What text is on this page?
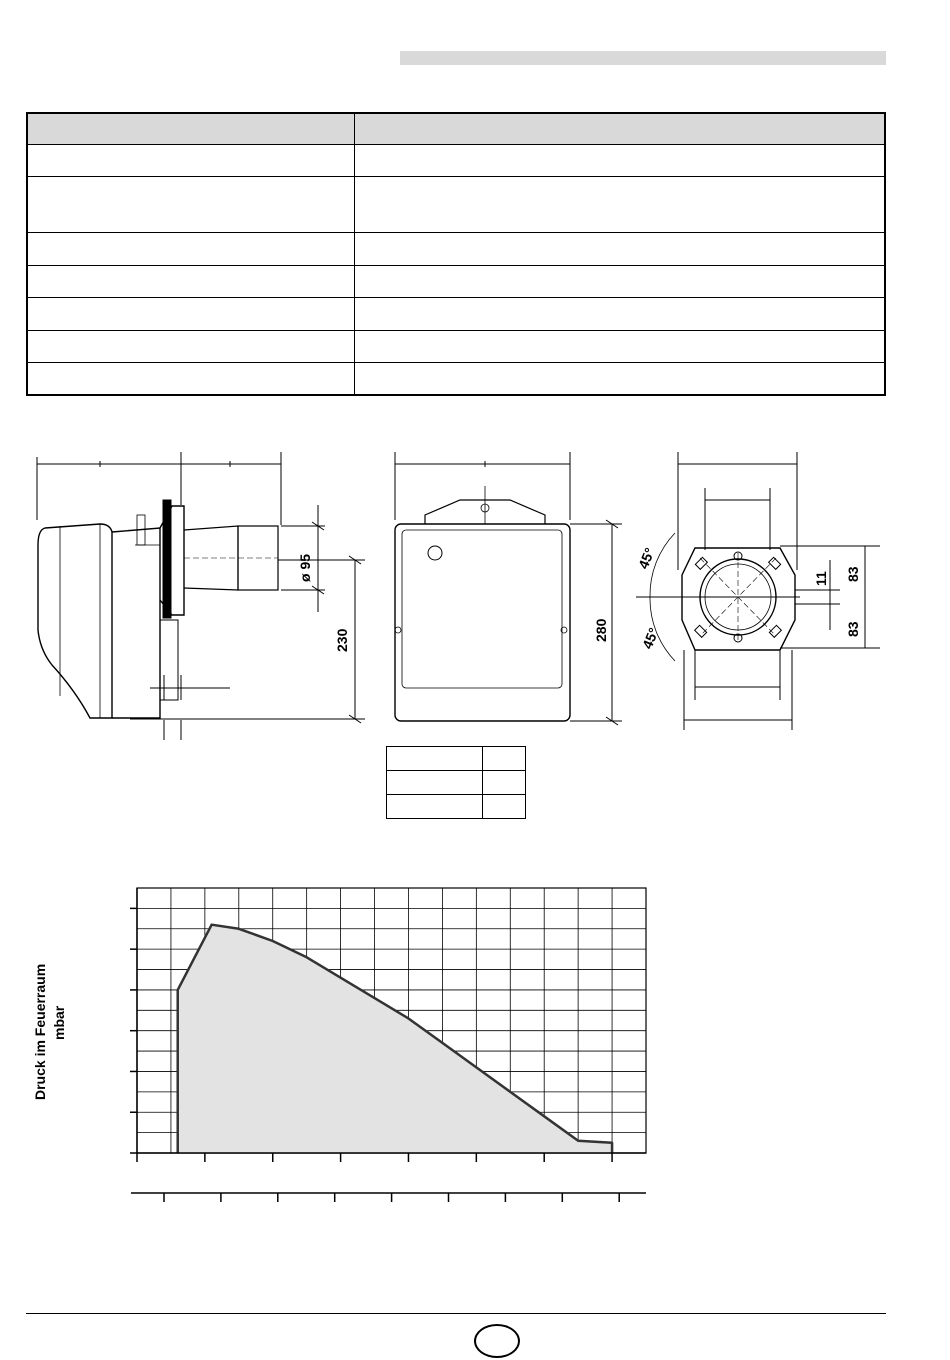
ø 95
230	280
11 83
83
45°
45°

Druck im Feuerraum mbar
